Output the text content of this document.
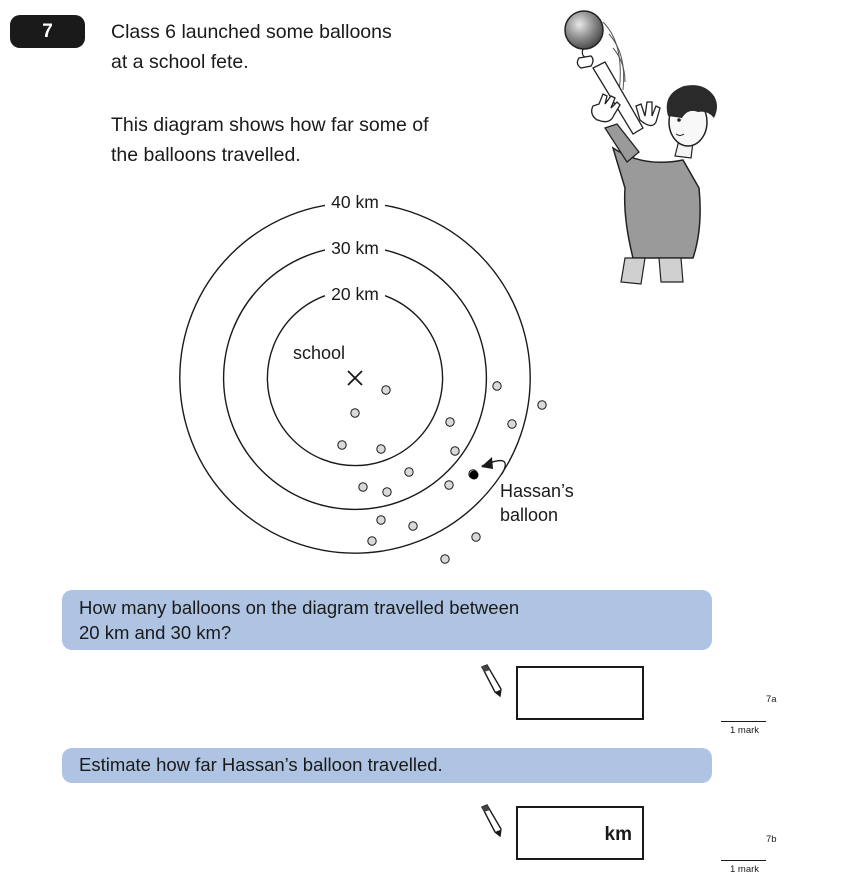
7	Class 6 launched some balloons
at a school fete.

This diagram shows how far some of
the balloons travelled.

school
40 km
30 km
20 km
Hassan’s
balloon
How many balloons on the diagram travelled between
20 km and 30 km?
7a
1 mark
Estimate how far Hassan’s balloon travelled.
km	7b
1 mark
